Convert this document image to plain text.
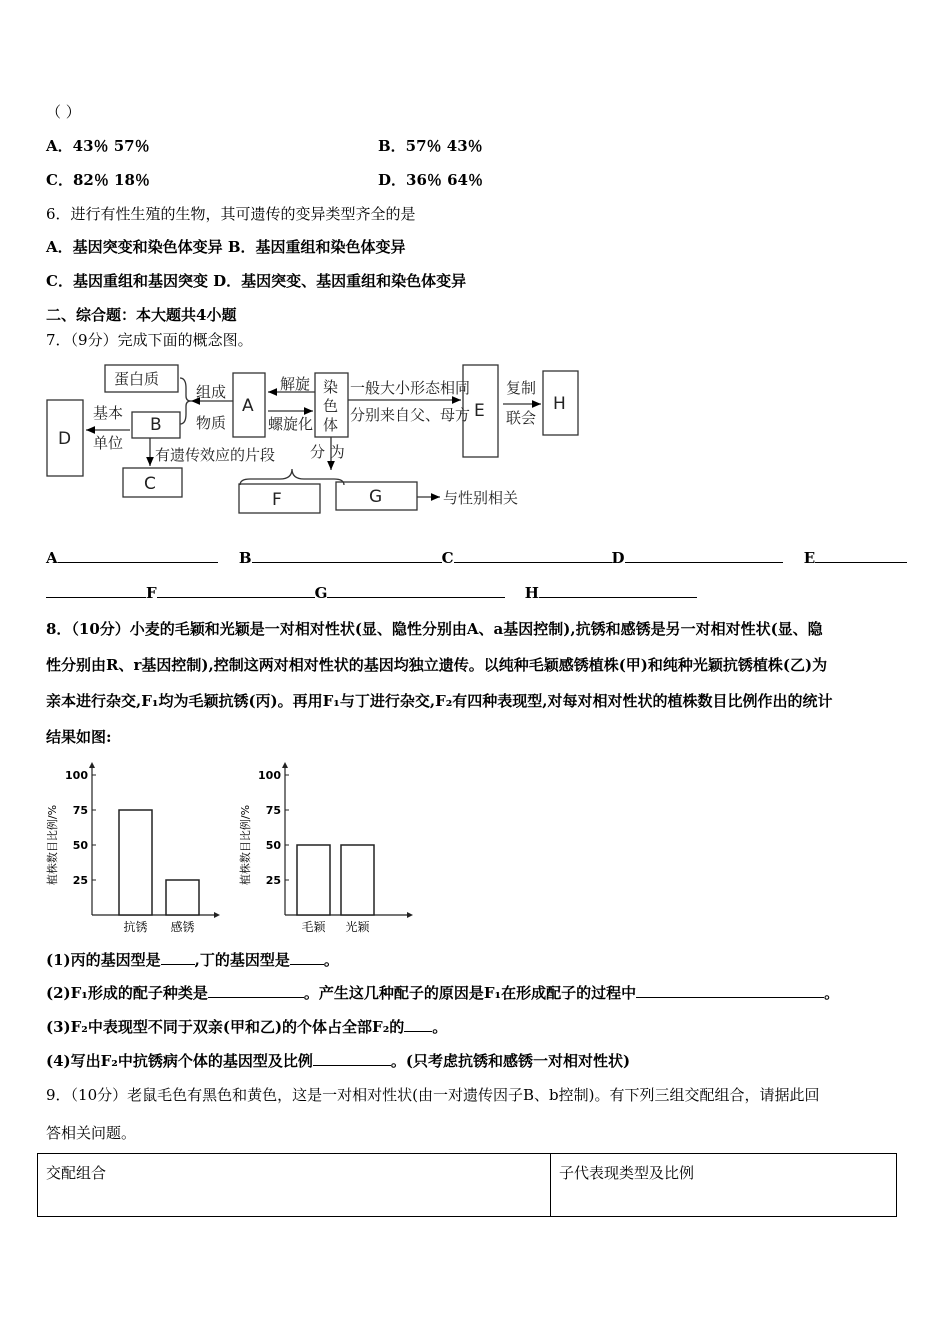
（ ）
A．43％ 57％	B．57％ 43％
C．82％ 18％	D．36％ 64％
6．进行有性生殖的生物，其可遗传的变异类型齐全的是
A．基因突变和染色体变异 B．基因重组和染色体变异
C．基因重组和基因突变 D．基因突变、基因重组和染色体变异
二、综合题：本大题共4小题
7．（9分）完成下面的概念图。
蛋白质
B
D
A
染
色
体
E	H
C
F	G
组成
物质
基本
单位
解旋
螺旋化
一般大小形态相同
分别来自父、母方
复制
联会
有遗传效应的片段 分 为
与性别相关
A	B	C	D	E
F	G	H
8．（10分）小麦的毛颖和光颖是一对相对性状(显、隐性分别由A、a基因控制),抗锈和感锈是另一对相对性状(显、隐
性分别由R、r基因控制),控制这两对相对性状的基因均独立遗传。以纯种毛颖感锈植株(甲)和纯种光颖抗锈植株(乙)为
亲本进行杂交,F₁均为毛颖抗锈(丙)。再用F₁与丁进行杂交,F₂有四种表现型,对每对相对性状的植株数目比例作出的统计
结果如图:
25
50
75
100
植株数目比例/%
抗锈 感锈
25
50
75
100
植株数目比例/%
毛颖 光颖
(1)丙的基因型是 ,丁的基因型是 。
(2)F₁形成的配子种类是	。产生这几种配子的原因是F₁在形成配子的过程中	。
(3)F₂中表现型不同于双亲(甲和乙)的个体占全部F₂的 。
(4)写出F₂中抗锈病个体的基因型及比例	。(只考虑抗锈和感锈一对相对性状)
9．（10分）老鼠毛色有黑色和黄色，这是一对相对性状(由一对遗传因子B、b控制)。有下列三组交配组合，请据此回
答相关问题。
交配组合	子代表现类型及比例
